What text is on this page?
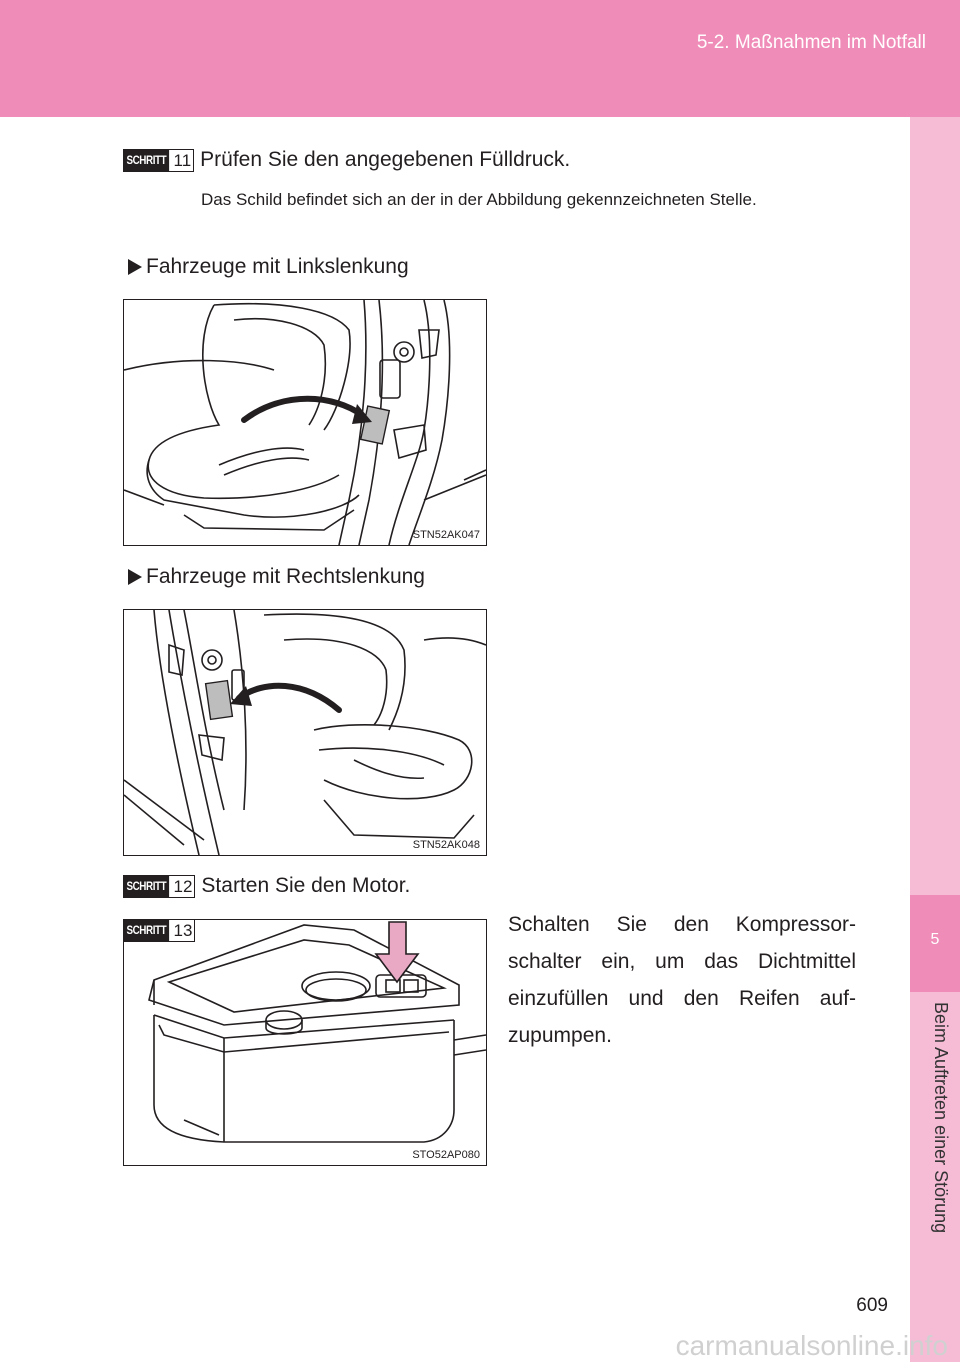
5-2. Maßnahmen im Notfall
5
Beim Auftreten einer Störung
SCHRITT 11 Prüfen Sie den angegebenen Fülldruck.
Das Schild befindet sich an der in der Abbildung gekennzeichneten Stelle.
Fahrzeuge mit Linkslenkung
STN52AK047
Fahrzeuge mit Rechtslenkung
STN52AK048
SCHRITT 12 Starten Sie den Motor.
SCHRITT 13
STO52AP080
Schalten Sie den Kompressor-schalter ein, um das Dichtmittel einzufüllen und den Reifen auf-zupumpen.
609
carmanualsonline.info
